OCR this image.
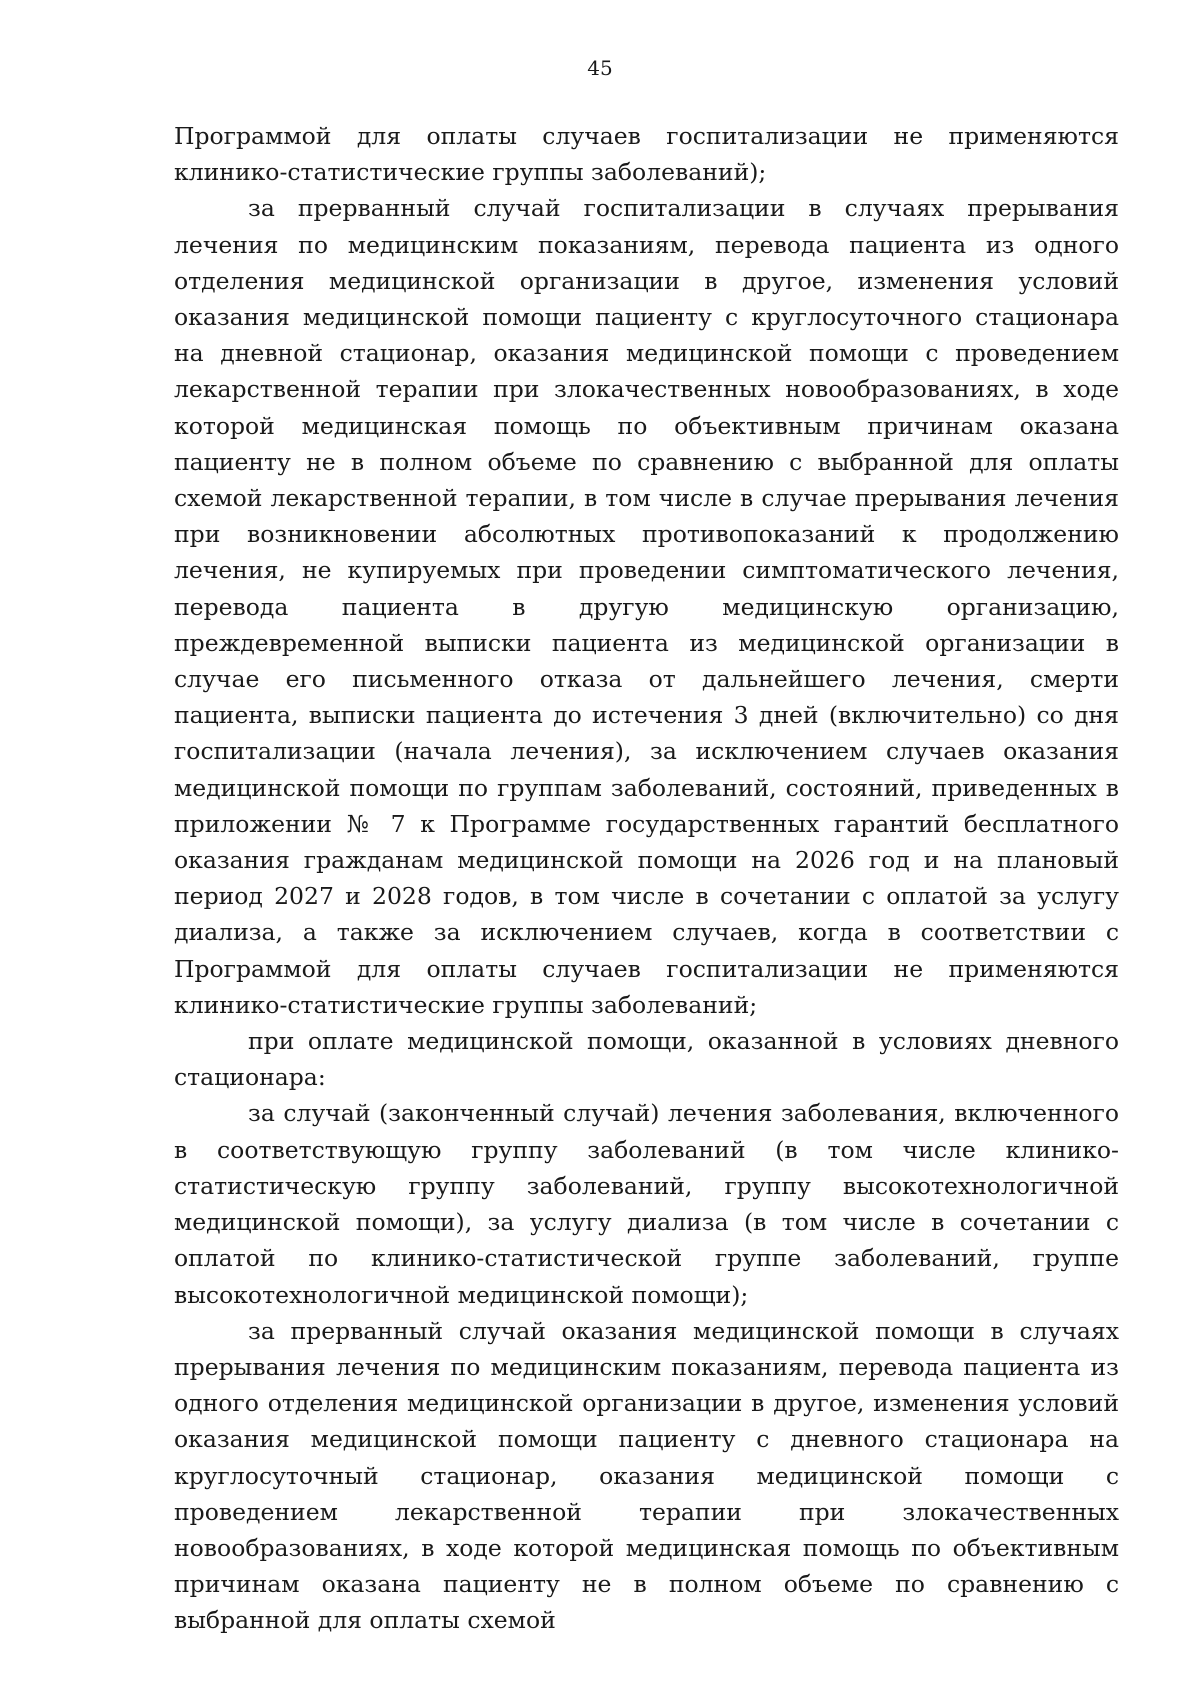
45

Программой для оплаты случаев госпитализации не применяются клинико-статистические группы заболеваний);

за прерванный случай госпитализации в случаях прерывания лечения по медицинским показаниям, перевода пациента из одного отделения медицинской организации в другое, изменения условий оказания медицинской помощи пациенту с круглосуточного стационара на дневной стационар, оказания медицинской помощи с проведением лекарственной терапии при злокачественных новообразованиях, в ходе которой медицинская помощь по объективным причинам оказана пациенту не в полном объеме по сравнению с выбранной для оплаты схемой лекарственной терапии, в том числе в случае прерывания лечения при возникновении абсолютных противопоказаний к продолжению лечения, не купируемых при проведении симптоматического лечения, перевода пациента в другую медицинскую организацию, преждевременной выписки пациента из медицинской организации в случае его письменного отказа от дальнейшего лечения, смерти пациента, выписки пациента до истечения 3 дней (включительно) со дня госпитализации (начала лечения), за исключением случаев оказания медицинской помощи по группам заболеваний, состояний, приведенных в приложении № 7 к Программе государственных гарантий бесплатного оказания гражданам медицинской помощи на 2026 год и на плановый период 2027 и 2028 годов, в том числе в сочетании с оплатой за услугу диализа, а также за исключением случаев, когда в соответствии с Программой для оплаты случаев госпитализации не применяются клинико-статистические группы заболеваний;

при оплате медицинской помощи, оказанной в условиях дневного стационара:

за случай (законченный случай) лечения заболевания, включенного в соответствующую группу заболеваний (в том числе клинико-статистическую группу заболеваний, группу высокотехнологичной медицинской помощи), за услугу диализа (в том числе в сочетании с оплатой по клинико-статистической группе заболеваний, группе высокотехнологичной медицинской помощи);

за прерванный случай оказания медицинской помощи в случаях прерывания лечения по медицинским показаниям, перевода пациента из одного отделения медицинской организации в другое, изменения условий оказания медицинской помощи пациенту с дневного стационара на круглосуточный стационар, оказания медицинской помощи с проведением лекарственной терапии при злокачественных новообразованиях, в ходе которой медицинская помощь по объективным причинам оказана пациенту не в полном объеме по сравнению с выбранной для оплаты схемой
